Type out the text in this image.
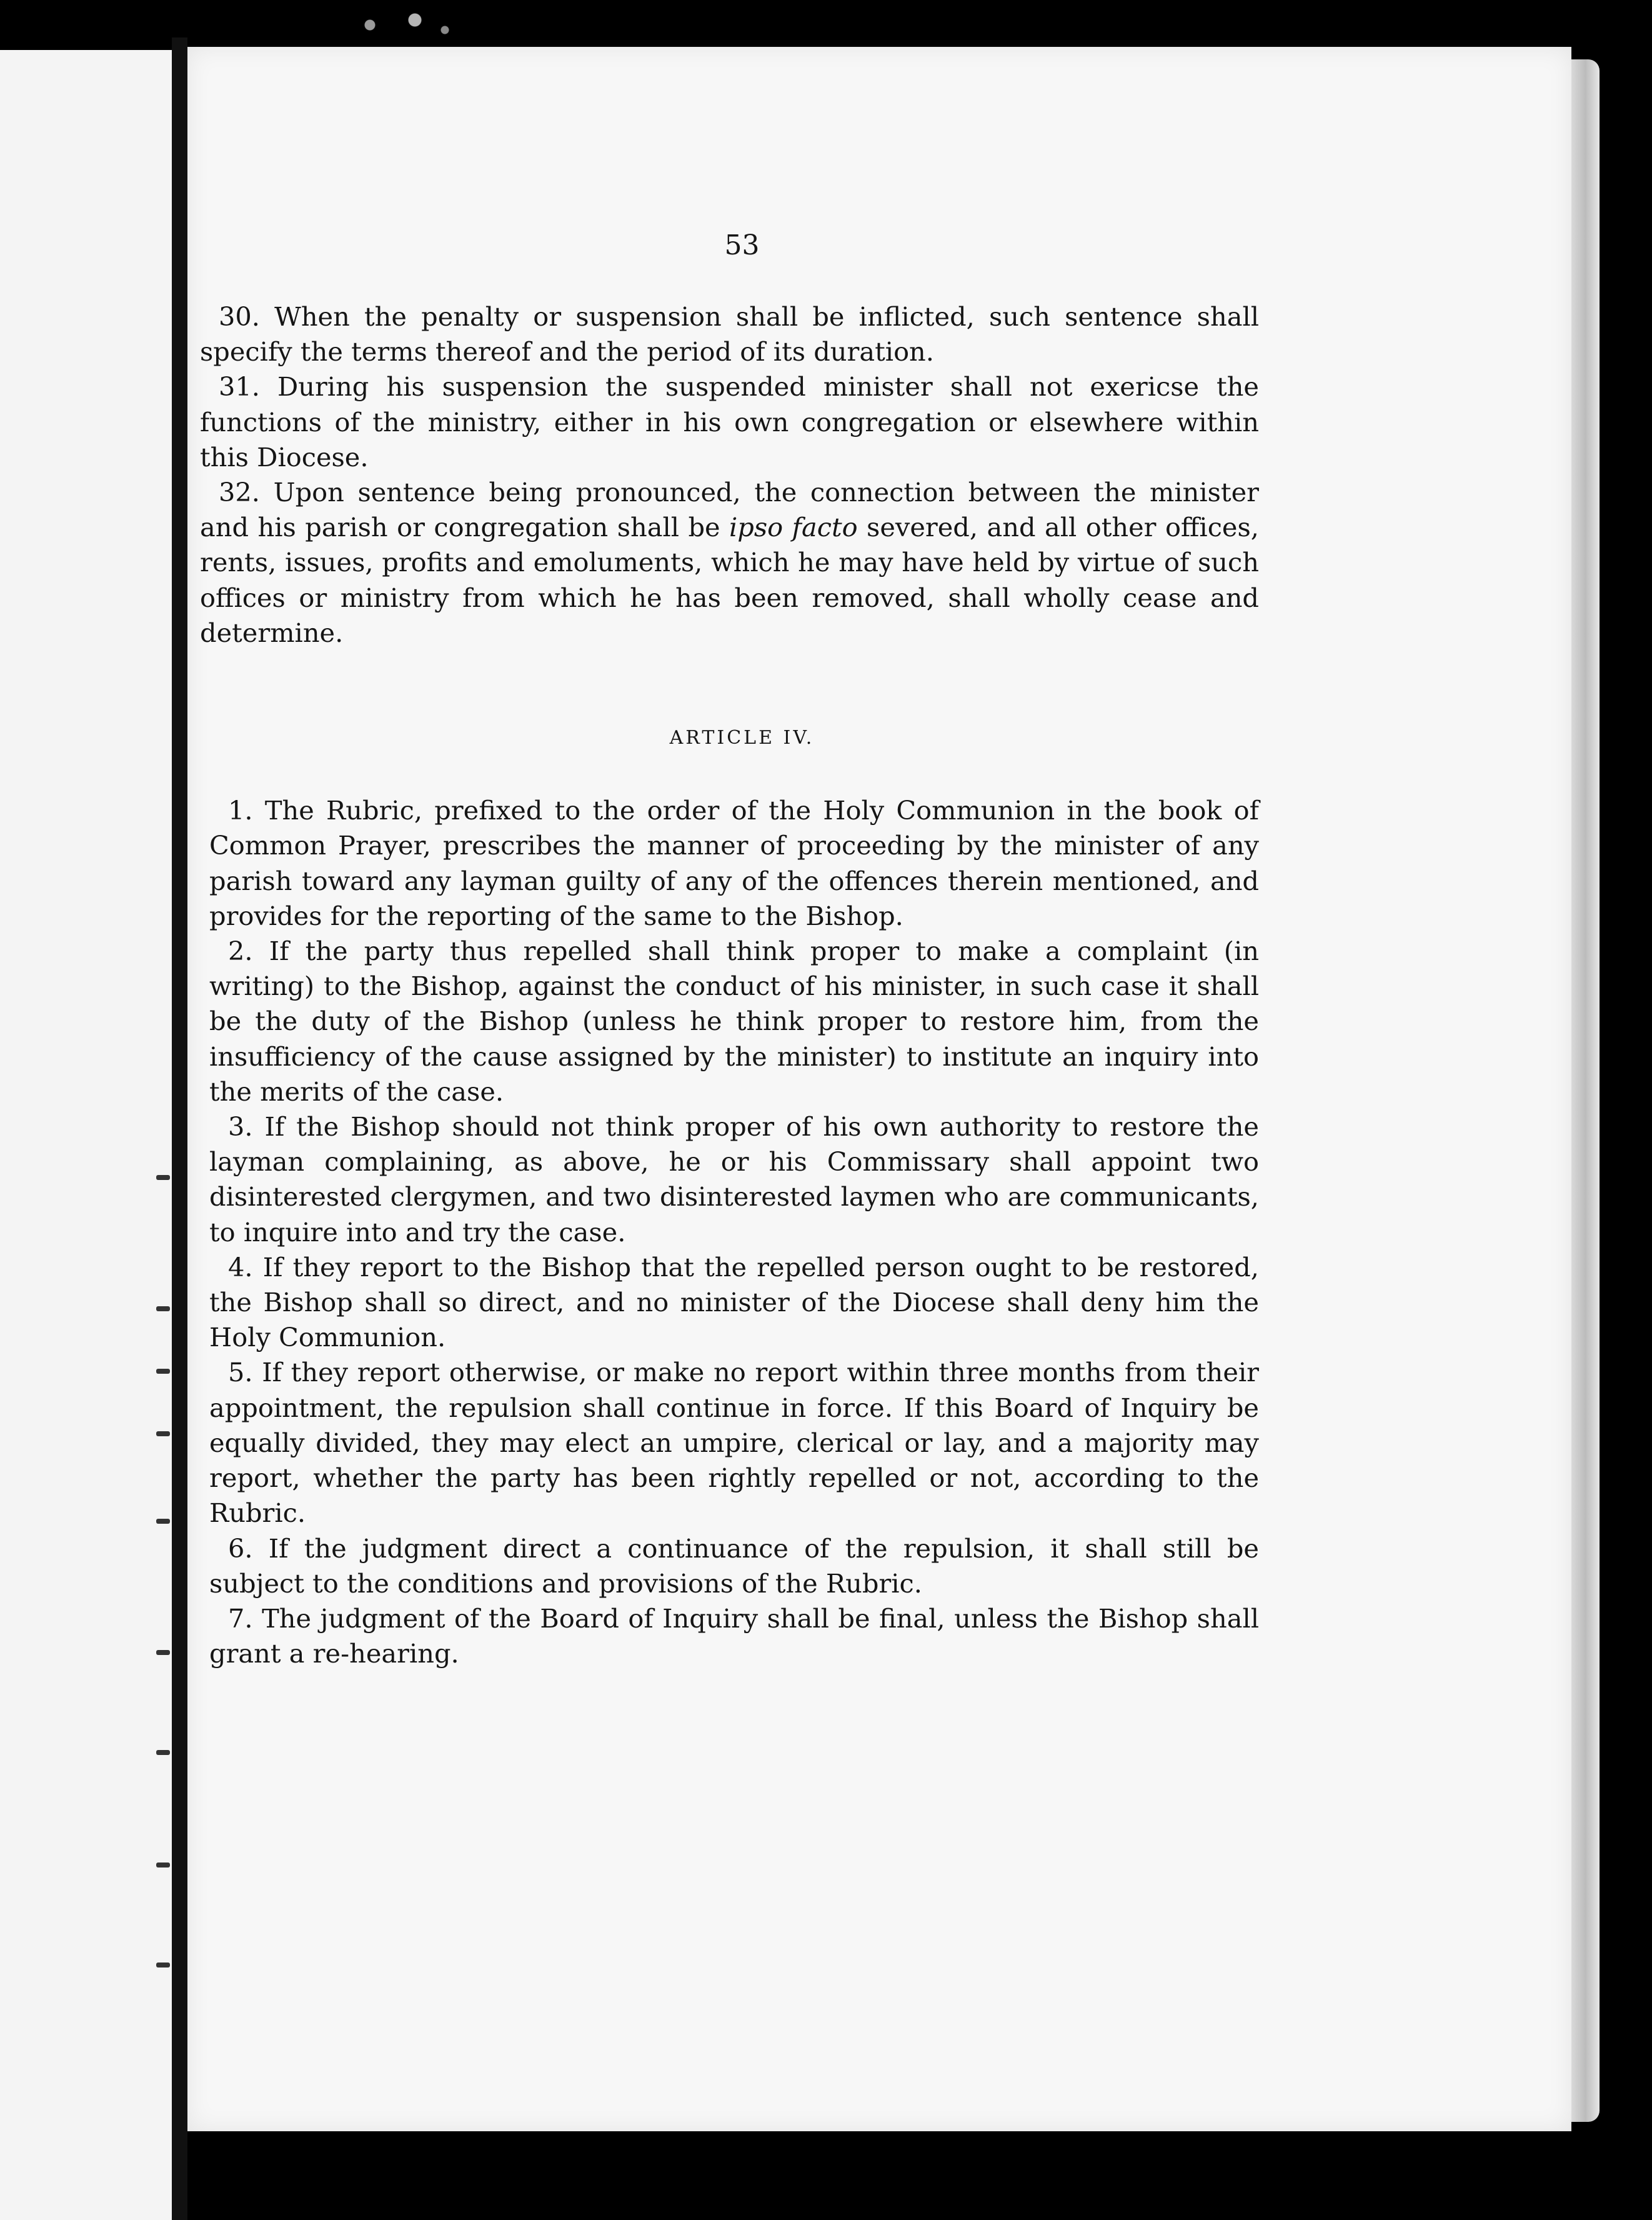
53

30. When the penalty or suspension shall be inflicted, such sentence shall specify the terms thereof and the period of its duration.

31. During his suspension the suspended minister shall not exericse the functions of the ministry, either in his own congregation or elsewhere within this Diocese.

32. Upon sentence being pronounced, the connection between the minister and his parish or congregation shall be ipso facto severed, and all other offices, rents, issues, profits and emoluments, which he may have held by virtue of such offices or ministry from which he has been removed, shall wholly cease and determine.

ARTICLE IV.

1. The Rubric, prefixed to the order of the Holy Communion in the book of Common Prayer, prescribes the manner of proceeding by the minister of any parish toward any layman guilty of any of the offences therein mentioned, and provides for the reporting of the same to the Bishop.

2. If the party thus repelled shall think proper to make a complaint (in writing) to the Bishop, against the conduct of his minister, in such case it shall be the duty of the Bishop (unless he think proper to restore him, from the insufficiency of the cause assigned by the minister) to institute an inquiry into the merits of the case.

3. If the Bishop should not think proper of his own authority to restore the layman complaining, as above, he or his Commissary shall appoint two disinterested clergymen, and two disinterested laymen who are communicants, to inquire into and try the case.

4. If they report to the Bishop that the repelled person ought to be restored, the Bishop shall so direct, and no minister of the Diocese shall deny him the Holy Communion.

5. If they report otherwise, or make no report within three months from their appointment, the repulsion shall continue in force. If this Board of Inquiry be equally divided, they may elect an umpire, clerical or lay, and a majority may report, whether the party has been rightly repelled or not, according to the Rubric.

6. If the judgment direct a continuance of the repulsion, it shall still be subject to the conditions and provisions of the Rubric.

7. The judgment of the Board of Inquiry shall be final, unless the Bishop shall grant a re-hearing.
